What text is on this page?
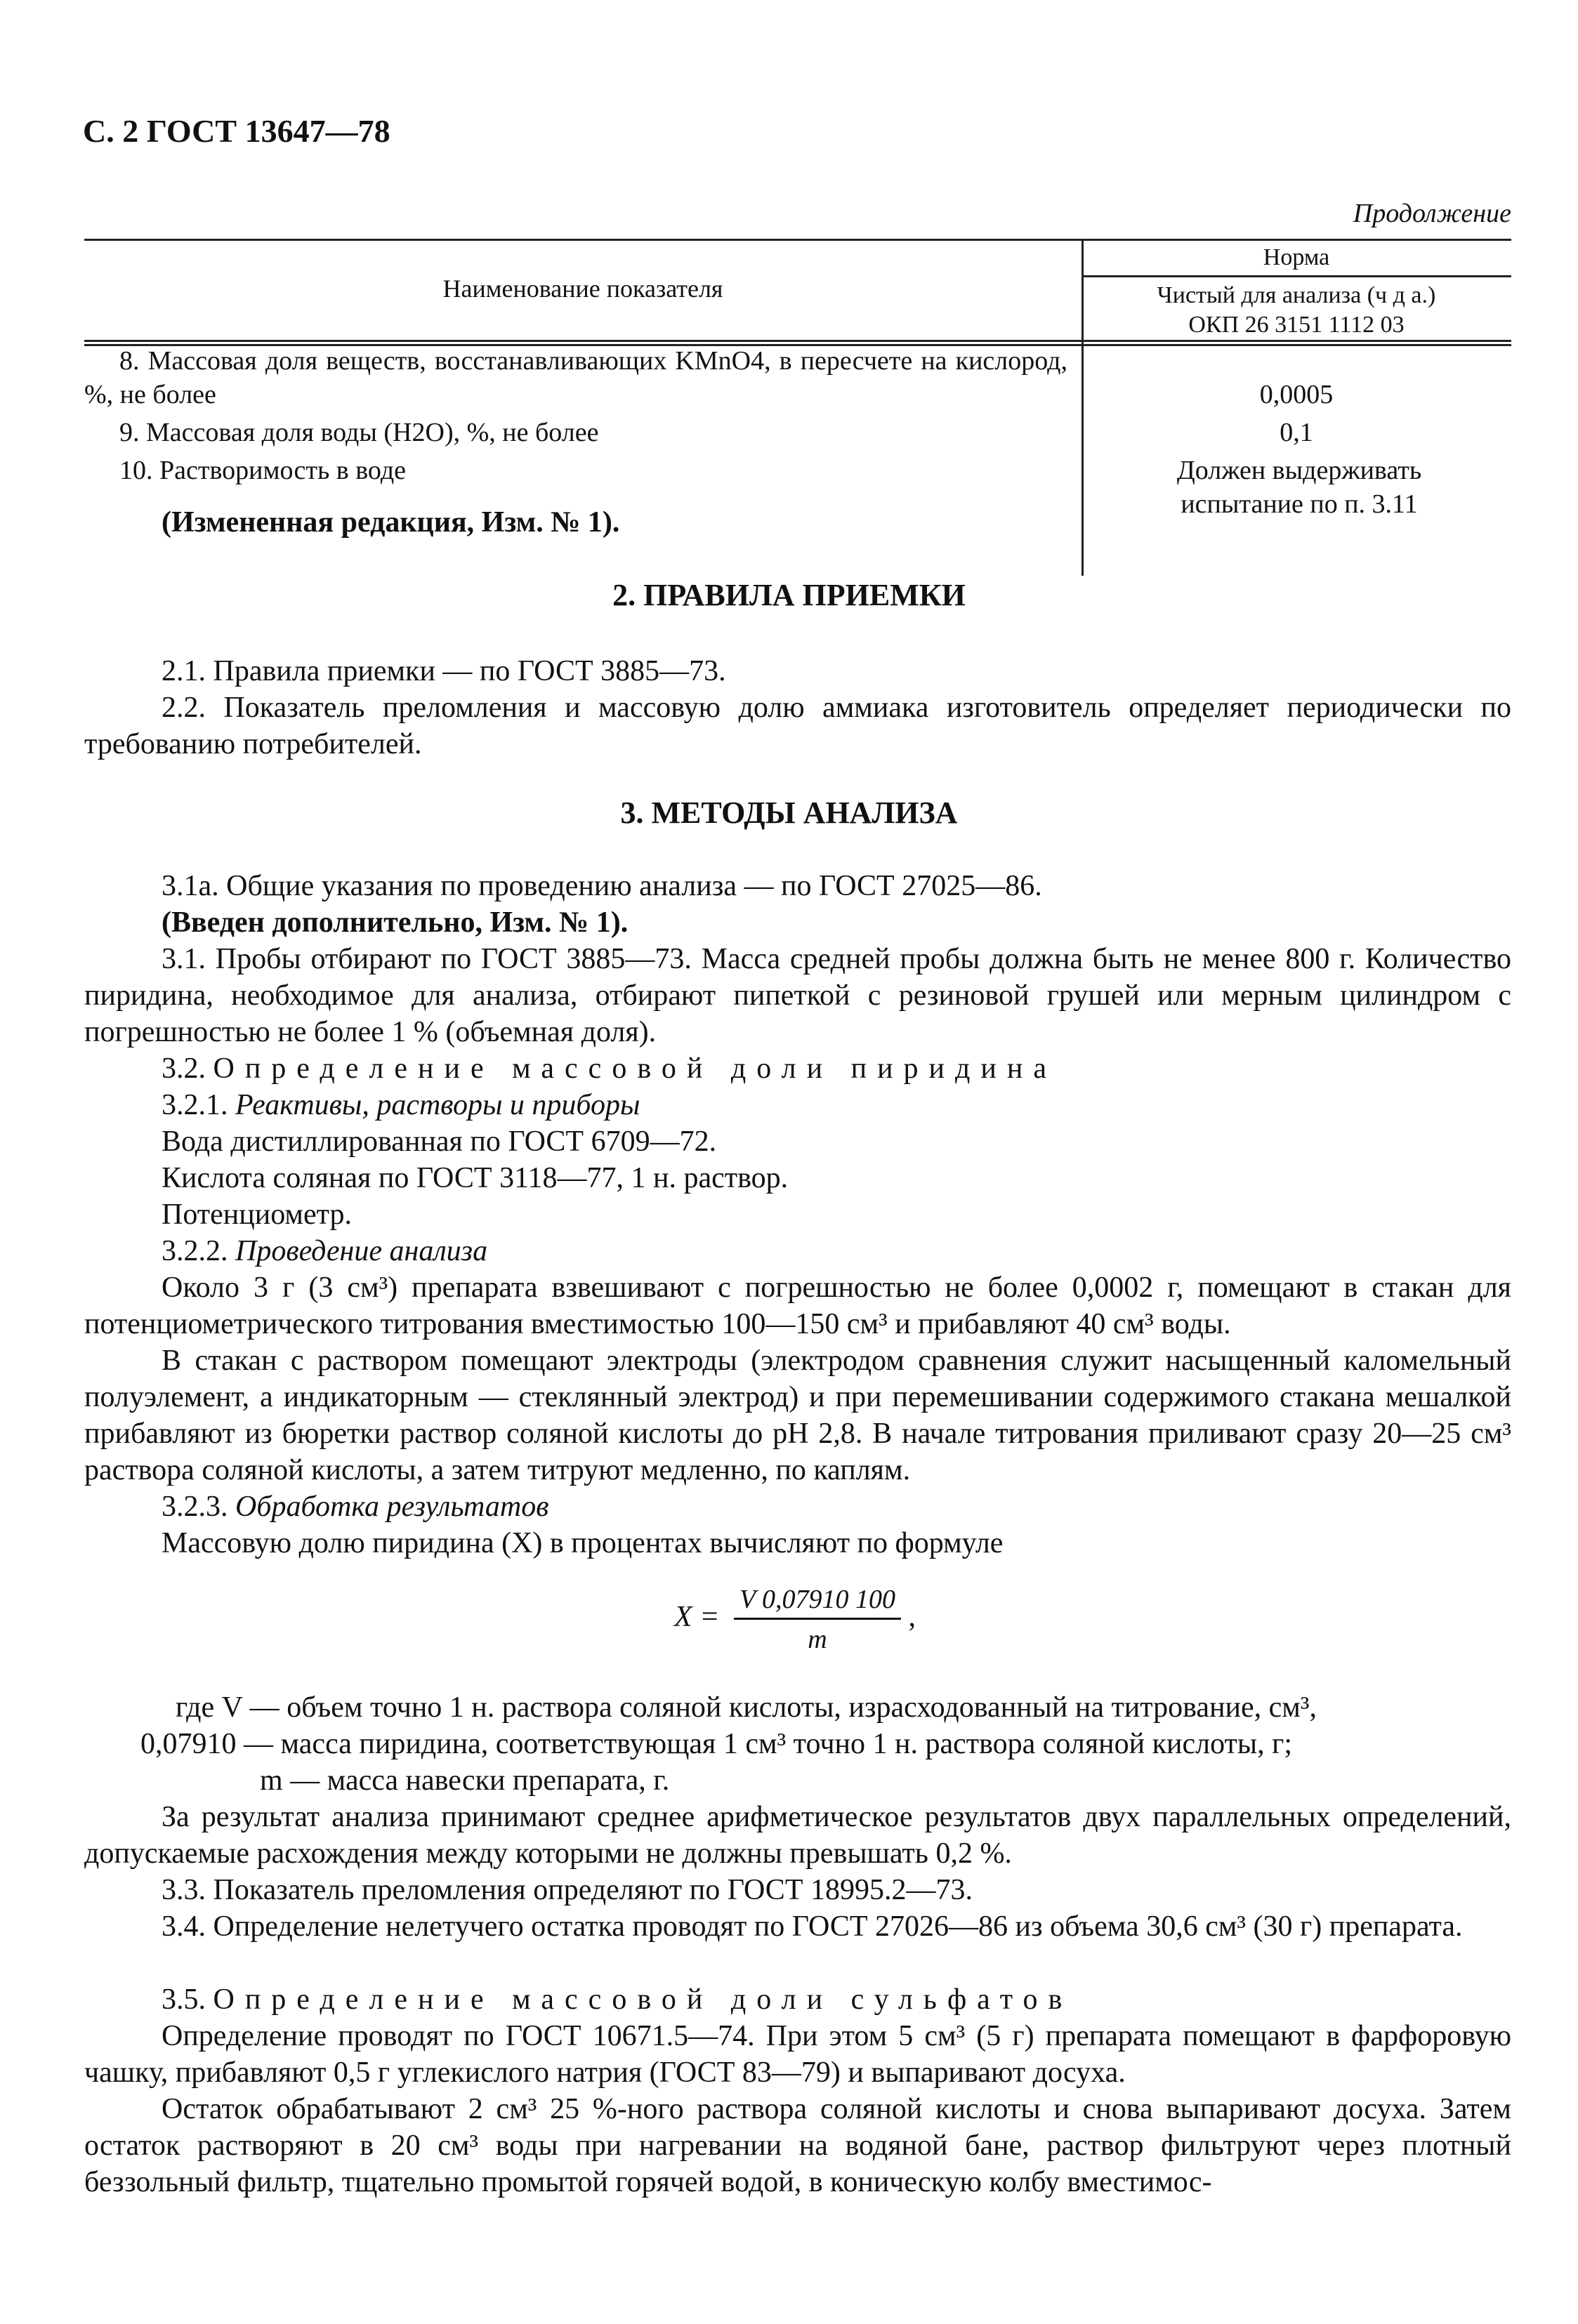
С. 2 ГОСТ 13647—78
Продолжение
Наименование показателя
Норма
Чистый для анализа (ч д а.)
ОКП 26 3151 1112 03
8. Массовая доля веществ, восстанавливающих KMnO4, в пересчете на кислород, %, не более	0,0005
9. Массовая доля воды (H2O), %, не более	0,1
10. Растворимость в воде	Должен выдерживать испытание по п. 3.11
(Измененная редакция, Изм. № 1).
2. ПРАВИЛА ПРИЕМКИ

2.1. Правила приемки — по ГОСТ 3885—73.

2.2. Показатель преломления и массовую долю аммиака изготовитель определяет периодически по требованию потребителей.

3. МЕТОДЫ АНАЛИЗА

3.1а. Общие указания по проведению анализа — по ГОСТ 27025—86.

(Введен дополнительно, Изм. № 1).

3.1. Пробы отбирают по ГОСТ 3885—73. Масса средней пробы должна быть не менее 800 г. Количество пиридина, необходимое для анализа, отбирают пипеткой с резиновой грушей или мерным цилиндром с погрешностью не более 1 % (объемная доля).

3.2. Определение массовой доли пиридина

3.2.1. Реактивы, растворы и приборы

Вода дистиллированная по ГОСТ 6709—72.

Кислота соляная по ГОСТ 3118—77, 1 н. раствор.

Потенциометр.

3.2.2. Проведение анализа

Около 3 г (3 см³) препарата взвешивают с погрешностью не более 0,0002 г, помещают в стакан для потенциометрического титрования вместимостью 100—150 см³ и прибавляют 40 см³ воды.

В стакан с раствором помещают электроды (электродом сравнения служит насыщенный каломельный полуэлемент, а индикаторным — стеклянный электрод) и при перемешивании содержимого стакана мешалкой прибавляют из бюретки раствор соляной кислоты до pH 2,8. В начале титрования приливают сразу 20—25 см³ раствора соляной кислоты, а затем титруют медленно, по каплям.

3.2.3. Обработка результатов

Массовую долю пиридина (X) в процентах вычисляют по формуле

$X = \frac{V 0,07910 100}{m}$ ,

где V — объем точно 1 н. раствора соляной кислоты, израсходованный на титрование, см³,

0,07910 — масса пиридина, соответствующая 1 см³ точно 1 н. раствора соляной кислоты, г;

m — масса навески препарата, г.

За результат анализа принимают среднее арифметическое результатов двух параллельных определений, допускаемые расхождения между которыми не должны превышать 0,2 %.

3.3. Показатель преломления определяют по ГОСТ 18995.2—73.

3.4. Определение нелетучего остатка проводят по ГОСТ 27026—86 из объема 30,6 см³ (30 г) препарата.

3.5. Определение массовой доли сульфатов

Определение проводят по ГОСТ 10671.5—74. При этом 5 см³ (5 г) препарата помещают в фарфоровую чашку, прибавляют 0,5 г углекислого натрия (ГОСТ 83—79) и выпаривают досуха.

Остаток обрабатывают 2 см³ 25 %-ного раствора соляной кислоты и снова выпаривают досуха. Затем остаток растворяют в 20 см³ воды при нагревании на водяной бане, раствор фильтруют через плотный беззольный фильтр, тщательно промытой горячей водой, в коническую колбу вместимос-
